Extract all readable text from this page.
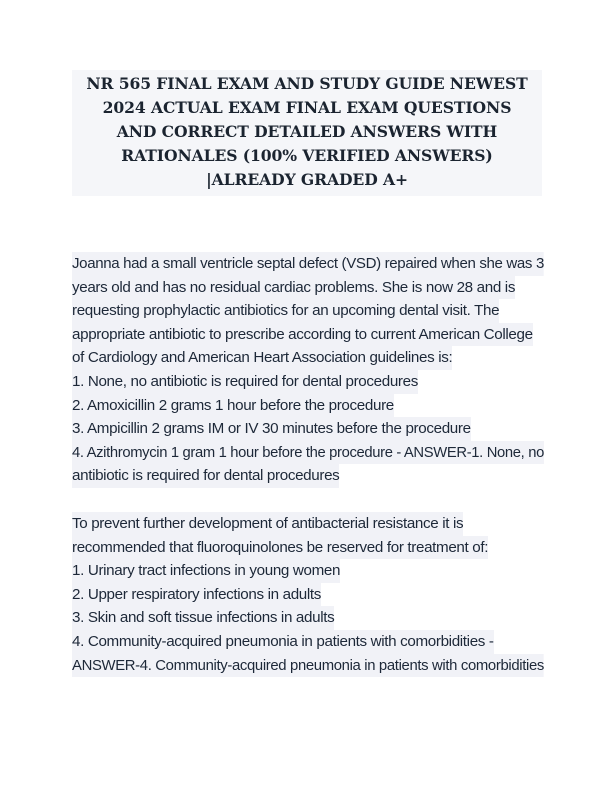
NR 565 FINAL EXAM AND STUDY GUIDE NEWEST
2024 ACTUAL EXAM FINAL EXAM QUESTIONS
AND CORRECT DETAILED ANSWERS WITH
RATIONALES (100% VERIFIED ANSWERS)
|ALREADY GRADED A+
Joanna had a small ventricle septal defect (VSD) repaired when she was 3
years old and has no residual cardiac problems. She is now 28 and is
requesting prophylactic antibiotics for an upcoming dental visit. The
appropriate antibiotic to prescribe according to current American College
of Cardiology and American Heart Association guidelines is:
1. None, no antibiotic is required for dental procedures
2. Amoxicillin 2 grams 1 hour before the procedure
3. Ampicillin 2 grams IM or IV 30 minutes before the procedure
4. Azithromycin 1 gram 1 hour before the procedure - ANSWER-1. None, no
antibiotic is required for dental procedures
To prevent further development of antibacterial resistance it is
recommended that fluoroquinolones be reserved for treatment of:
1. Urinary tract infections in young women
2. Upper respiratory infections in adults
3. Skin and soft tissue infections in adults
4. Community-acquired pneumonia in patients with comorbidities -
ANSWER-4. Community-acquired pneumonia in patients with comorbidities
